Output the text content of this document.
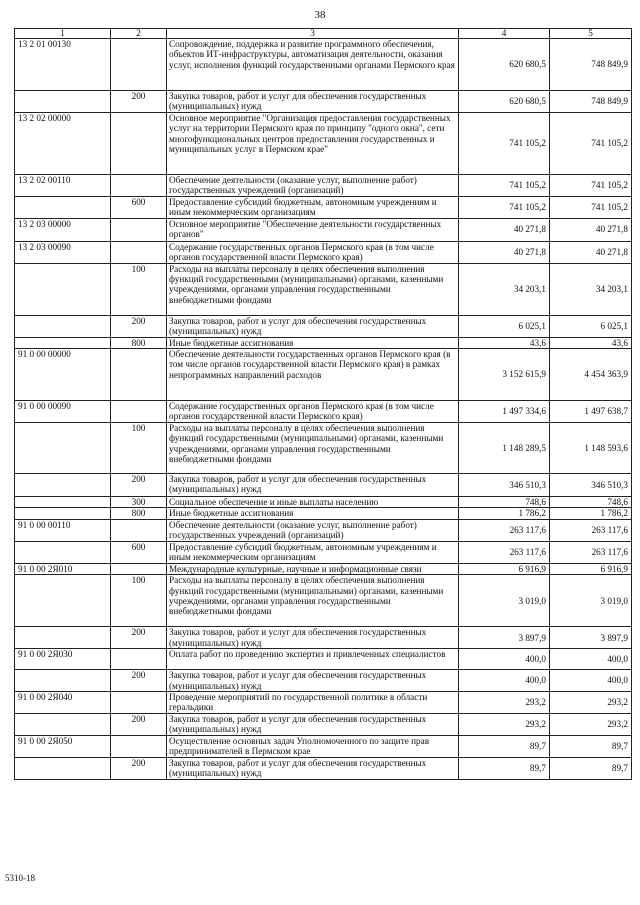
38
1	2	3	4	5
13 2 01 00130		Сопровождение, поддержка и развитие программного обеспечения, объектов ИТ-инфраструктуры, автоматизация деятельности, оказания услуг, исполнения функций государственными органами Пермского края	620 680,5	748 849,9
	200	Закупка товаров, работ и услуг для обеспечения государственных (муниципальных) нужд	620 680,5	748 849,9
13 2 02 00000		Основное мероприятие "Организация предоставления государственных услуг на территории Пермского края по принципу "одного окна", сети многофункциональных центров предоставления государственных и муниципальных услуг в Пермском крае"	741 105,2	741 105,2
13 2 02 00110		Обеспечение деятельности (оказание услуг, выполнение работ) государственных учреждений (организаций)	741 105,2	741 105,2
	600	Предоставление субсидий бюджетным, автономным учреждениям и иным некоммерческим организациям	741 105,2	741 105,2
13 2 03 00000		Основное мероприятие "Обеспечение деятельности государственных органов"	40 271,8	40 271,8
13 2 03 00090		Содержание государственных органов Пермского края (в том числе органов государственной власти Пермского края)	40 271,8	40 271,8
	100	Расходы на выплаты персоналу в целях обеспечения выполнения функций государственными (муниципальными) органами, казенными учреждениями, органами управления государственными внебюджетными фондами	34 203,1	34 203,1
	200	Закупка товаров, работ и услуг для обеспечения государственных (муниципальных) нужд	6 025,1	6 025,1
	800	Иные бюджетные ассигнования	43,6	43,6
91 0 00 00000		Обеспечение деятельности государственных органов Пермского края (в том числе органов государственной власти Пермского края) в рамках непрограммных направлений расходов	3 152 615,9	4 454 363,9
91 0 00 00090		Содержание государственных органов Пермского края (в том числе органов государственной власти Пермского края)	1 497 334,6	1 497 638,7
	100	Расходы на выплаты персоналу в целях обеспечения выполнения функций государственными (муниципальными) органами, казенными учреждениями, органами управления государственными внебюджетными фондами	1 148 289,5	1 148 593,6
	200	Закупка товаров, работ и услуг для обеспечения государственных (муниципальных) нужд	346 510,3	346 510,3
	300	Социальное обеспечение и иные выплаты населению	748,6	748,6
	800	Иные бюджетные ассигнования	1 786,2	1 786,2
91 0 00 00110		Обеспечение деятельности (оказание услуг, выполнение работ) государственных учреждений (организаций)	263 117,6	263 117,6
	600	Предоставление субсидий бюджетным, автономным учреждениям и иным некоммерческим организациям	263 117,6	263 117,6
91 0 00 2Я010		Международные культурные, научные и информационные связи	6 916,9	6 916,9
	100	Расходы на выплаты персоналу в целях обеспечения выполнения функций государственными (муниципальными) органами, казенными учреждениями, органами управления государственными внебюджетными фондами	3 019,0	3 019,0
	200	Закупка товаров, работ и услуг для обеспечения государственных (муниципальных) нужд	3 897,9	3 897,9
91 0 00 2Я030		Оплата работ по проведению экспертиз и привлеченных специалистов	400,0	400,0
	200	Закупка товаров, работ и услуг для обеспечения государственных (муниципальных) нужд	400,0	400,0
91 0 00 2Я040		Проведение мероприятий по государственной политике в области геральдики	293,2	293,2
	200	Закупка товаров, работ и услуг для обеспечения государственных (муниципальных) нужд	293,2	293,2
91 0 00 2Я050		Осуществление основных задач Уполномоченного по защите прав предпринимателей в Пермском крае	89,7	89,7
	200	Закупка товаров, работ и услуг для обеспечения государственных (муниципальных) нужд	89,7	89,7
5310-18
